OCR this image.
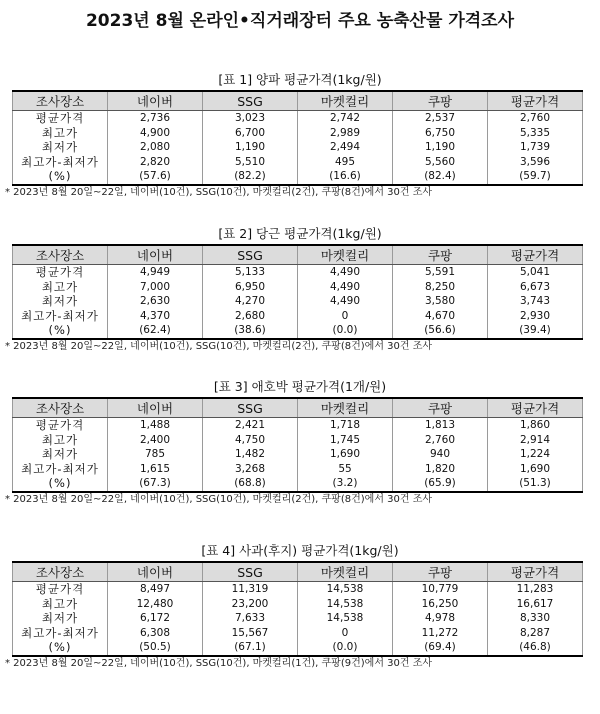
2023년 8월 온라인•직거래장터 주요 농축산물 가격조사
[표 1] 양파 평균가격(1kg/원)
조사장소	네이버	SSG	마켓컬리	쿠팡	평균가격
평균가격	2,736	3,023	2,742	2,537	2,760
최고가	4,900	6,700	2,989	6,750	5,335
최저가	2,080	1,190	2,494	1,190	1,739
최고가-최저가	2,820	5,510	495	5,560	3,596
(%)	(57.6)	(82.2)	(16.6)	(82.4)	(59.7)
* 2023년 8월 20일~22일, 네이버(10건), SSG(10건), 마켓컬리(2건), 쿠팡(8건)에서 30건 조사
[표 2] 당근 평균가격(1kg/원)
조사장소	네이버	SSG	마켓컬리	쿠팡	평균가격
평균가격	4,949	5,133	4,490	5,591	5,041
최고가	7,000	6,950	4,490	8,250	6,673
최저가	2,630	4,270	4,490	3,580	3,743
최고가-최저가	4,370	2,680	0	4,670	2,930
(%)	(62.4)	(38.6)	(0.0)	(56.6)	(39.4)
* 2023년 8월 20일~22일, 네이버(10건), SSG(10건), 마켓컬리(2건), 쿠팡(8건)에서 30건 조사
[표 3] 애호박 평균가격(1개/원)
조사장소	네이버	SSG	마켓컬리	쿠팡	평균가격
평균가격	1,488	2,421	1,718	1,813	1,860
최고가	2,400	4,750	1,745	2,760	2,914
최저가	785	1,482	1,690	940	1,224
최고가-최저가	1,615	3,268	55	1,820	1,690
(%)	(67.3)	(68.8)	(3.2)	(65.9)	(51.3)
* 2023년 8월 20일~22일, 네이버(10건), SSG(10건), 마켓컬리(2건), 쿠팡(8건)에서 30건 조사
[표 4] 사과(후지) 평균가격(1kg/원)
조사장소	네이버	SSG	마켓컬리	쿠팡	평균가격
평균가격	8,497	11,319	14,538	10,779	11,283
최고가	12,480	23,200	14,538	16,250	16,617
최저가	6,172	7,633	14,538	4,978	8,330
최고가-최저가	6,308	15,567	0	11,272	8,287
(%)	(50.5)	(67.1)	(0.0)	(69.4)	(46.8)
* 2023년 8월 20일~22일, 네이버(10건), SSG(10건), 마켓컬리(1건), 쿠팡(9건)에서 30건 조사
